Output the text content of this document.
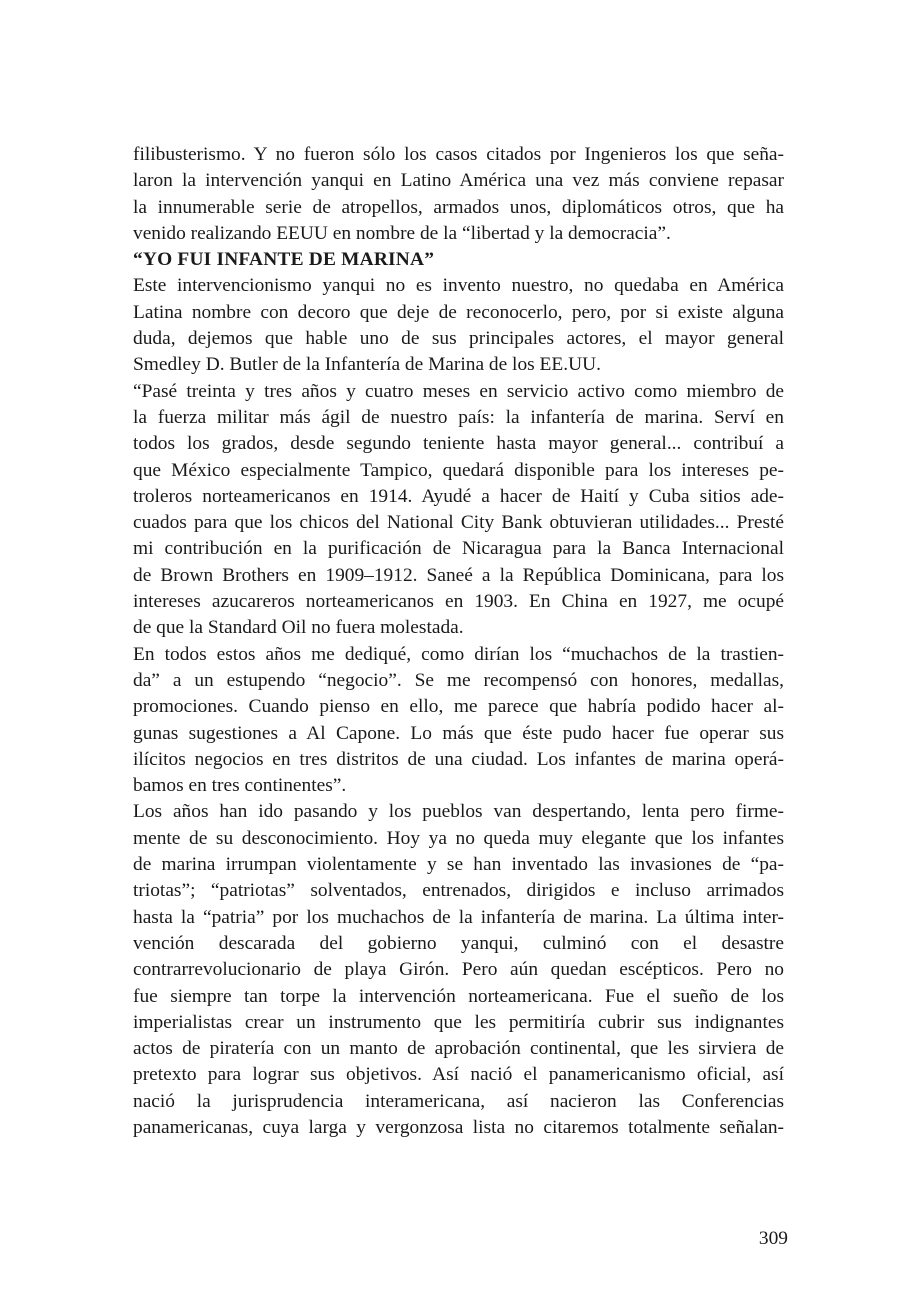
filibusterismo. Y no fueron sólo los casos citados por Ingenieros los que seña-
laron la intervención yanqui en Latino América una vez más conviene repasar
la innumerable serie de atropellos, armados unos, diplomáticos otros, que ha
venido realizando EEUU en nombre de la “libertad y la democracia”.
“YO FUI INFANTE DE MARINA”
Este intervencionismo yanqui no es invento nuestro, no quedaba en América
Latina nombre con decoro que deje de reconocerlo, pero, por si existe alguna
duda, dejemos que hable uno de sus principales actores, el mayor general
Smedley D. Butler de la Infantería de Marina de los EE.UU.
“Pasé treinta y tres años y cuatro meses en servicio activo como miembro de
la fuerza militar más ágil de nuestro país: la infantería de marina. Serví en
todos los grados, desde segundo teniente hasta mayor general... contribuí a
que México especialmente Tampico, quedará disponible para los intereses pe-
troleros norteamericanos en 1914. Ayudé a hacer de Haití y Cuba sitios ade-
cuados para que los chicos del National City Bank obtuvieran utilidades... Presté
mi contribución en la purificación de Nicaragua para la Banca Internacional
de Brown Brothers en 1909–1912. Saneé a la República Dominicana, para los
intereses azucareros norteamericanos en 1903. En China en 1927, me ocupé
de que la Standard Oil no fuera molestada.
En todos estos años me dediqué, como dirían los “muchachos de la trastien-
da” a un estupendo “negocio”. Se me recompensó con honores, medallas,
promociones. Cuando pienso en ello, me parece que habría podido hacer al-
gunas sugestiones a Al Capone. Lo más que éste pudo hacer fue operar sus
ilícitos negocios en tres distritos de una ciudad. Los infantes de marina operá-
bamos en tres continentes”.
Los años han ido pasando y los pueblos van despertando, lenta pero firme-
mente de su desconocimiento. Hoy ya no queda muy elegante que los infantes
de marina irrumpan violentamente y se han inventado las invasiones de “pa-
triotas”; “patriotas” solventados, entrenados, dirigidos e incluso arrimados
hasta la “patria” por los muchachos de la infantería de marina. La última inter-
vención descarada del gobierno yanqui, culminó con el desastre
contrarrevolucionario de playa Girón. Pero aún quedan escépticos. Pero no
fue siempre tan torpe la intervención norteamericana. Fue el sueño de los
imperialistas crear un instrumento que les permitiría cubrir sus indignantes
actos de piratería con un manto de aprobación continental, que les sirviera de
pretexto para lograr sus objetivos. Así nació el panamericanismo oficial, así
nació la jurisprudencia interamericana, así nacieron las Conferencias
panamericanas, cuya larga y vergonzosa lista no citaremos totalmente señalan-
309
